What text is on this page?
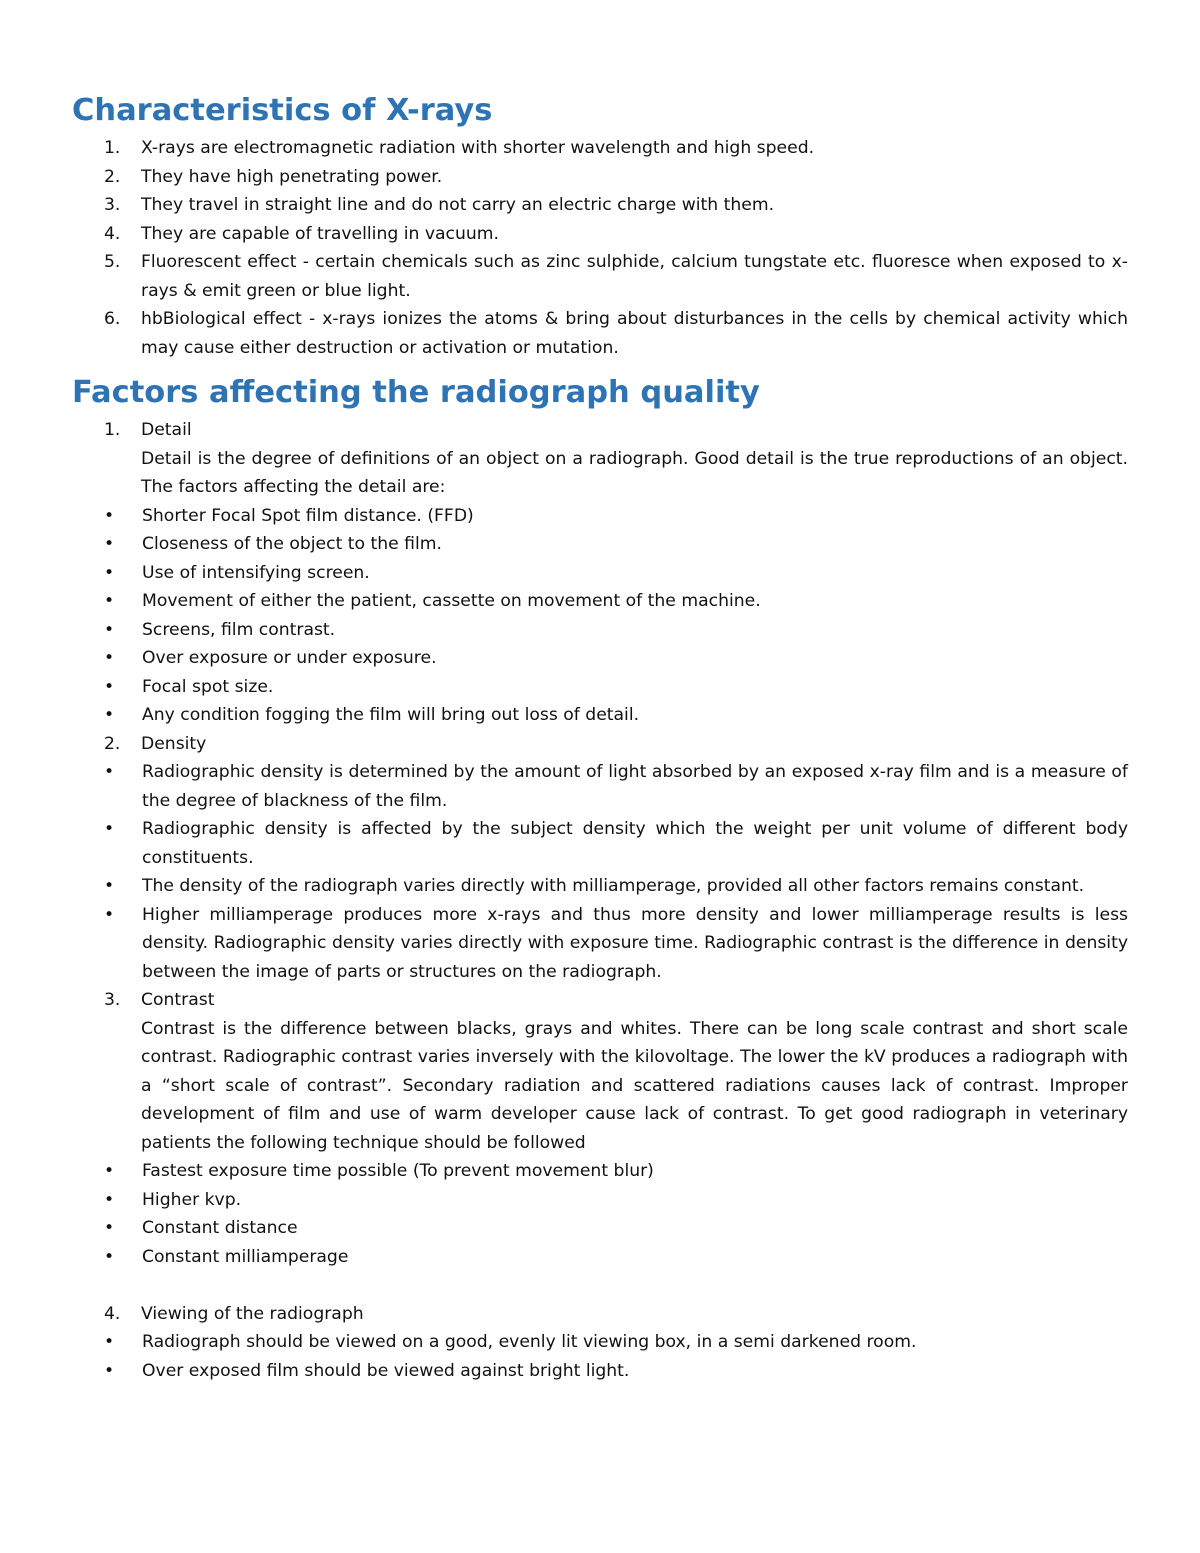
Characteristics of X-rays
1. X-rays are electromagnetic radiation with shorter wavelength and high speed.
2. They have high penetrating power.
3. They travel in straight line and do not carry an electric charge with them.
4. They are capable of travelling in vacuum.
5. Fluorescent effect - certain chemicals such as zinc sulphide, calcium tungstate etc. fluoresce when exposed to x-rays & emit green or blue light.
6. hbBiological effect - x-rays ionizes the atoms & bring about disturbances in the cells by chemical activity which may cause either destruction or activation or mutation.
Factors affecting the radiograph quality
1. Detail
Detail is the degree of definitions of an object on a radiograph. Good detail is the true reproductions of an object. The factors affecting the detail are:
• Shorter Focal Spot film distance. (FFD)
• Closeness of the object to the film.
• Use of intensifying screen.
• Movement of either the patient, cassette on movement of the machine.
• Screens, film contrast.
• Over exposure or under exposure.
• Focal spot size.
• Any condition fogging the film will bring out loss of detail.
2. Density
• Radiographic density is determined by the amount of light absorbed by an exposed x-ray film and is a measure of the degree of blackness of the film.
• Radiographic density is affected by the subject density which the weight per unit volume of different body constituents.
• The density of the radiograph varies directly with milliamperage, provided all other factors remains constant.
• Higher milliamperage produces more x-rays and thus more density and lower milliamperage results is less density. Radiographic density varies directly with exposure time. Radiographic contrast is the difference in density between the image of parts or structures on the radiograph.
3. Contrast
Contrast is the difference between blacks, grays and whites. There can be long scale contrast and short scale contrast. Radiographic contrast varies inversely with the kilovoltage. The lower the kV produces a radiograph with a “short scale of contrast”. Secondary radiation and scattered radiations causes lack of contrast. Improper development of film and use of warm developer cause lack of contrast. To get good radiograph in veterinary patients the following technique should be followed
• Fastest exposure time possible (To prevent movement blur)
• Higher kvp.
• Constant distance
• Constant milliamperage
4. Viewing of the radiograph
• Radiograph should be viewed on a good, evenly lit viewing box, in a semi darkened room.
• Over exposed film should be viewed against bright light.
